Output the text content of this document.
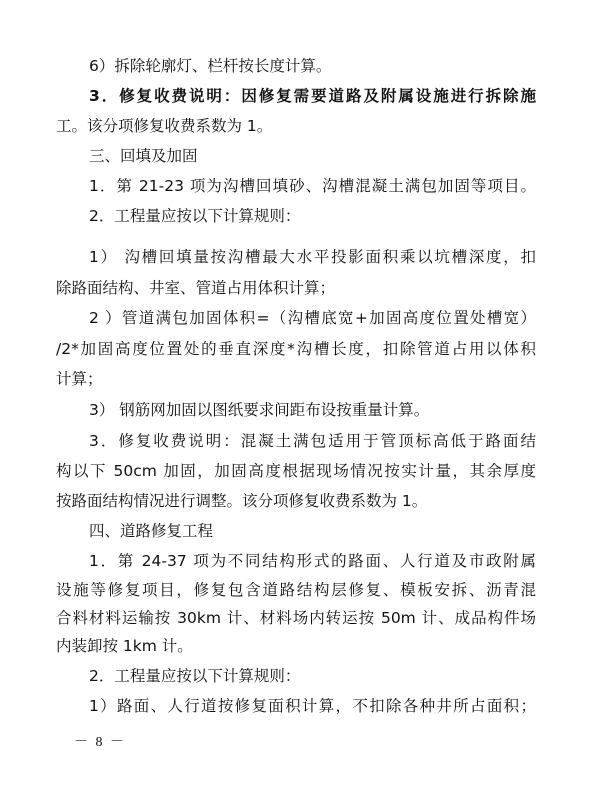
6）拆除轮廓灯、栏杆按长度计算。
3．修复收费说明：因修复需要道路及附属设施进行拆除施
工。该分项修复收费系数为 1。
三、回填及加固
1．第 21-23 项为沟槽回填砂、沟槽混凝土满包加固等项目。
2．工程量应按以下计算规则：
1） 沟槽回填量按沟槽最大水平投影面积乘以坑槽深度，扣
除路面结构、井室、管道占用体积计算；
2 ）管道满包加固体积=（沟槽底宽+加固高度位置处槽宽）
/2*加固高度位置处的垂直深度*沟槽长度，扣除管道占用以体积
计算；
3） 钢筋网加固以图纸要求间距布设按重量计算。
3．修复收费说明：混凝土满包适用于管顶标高低于路面结
构以下 50cm 加固，加固高度根据现场情况按实计量，其余厚度
按路面结构情况进行调整。该分项修复收费系数为 1。
四、道路修复工程
1．第 24-37 项为不同结构形式的路面、人行道及市政附属
设施等修复项目，修复包含道路结构层修复、模板安拆、沥青混
合料材料运输按 30km 计、材料场内转运按 50m 计、成品构件场
内装卸按 1km 计。
2．工程量应按以下计算规则：
1）路面、人行道按修复面积计算，不扣除各种井所占面积；
－ 8 －
